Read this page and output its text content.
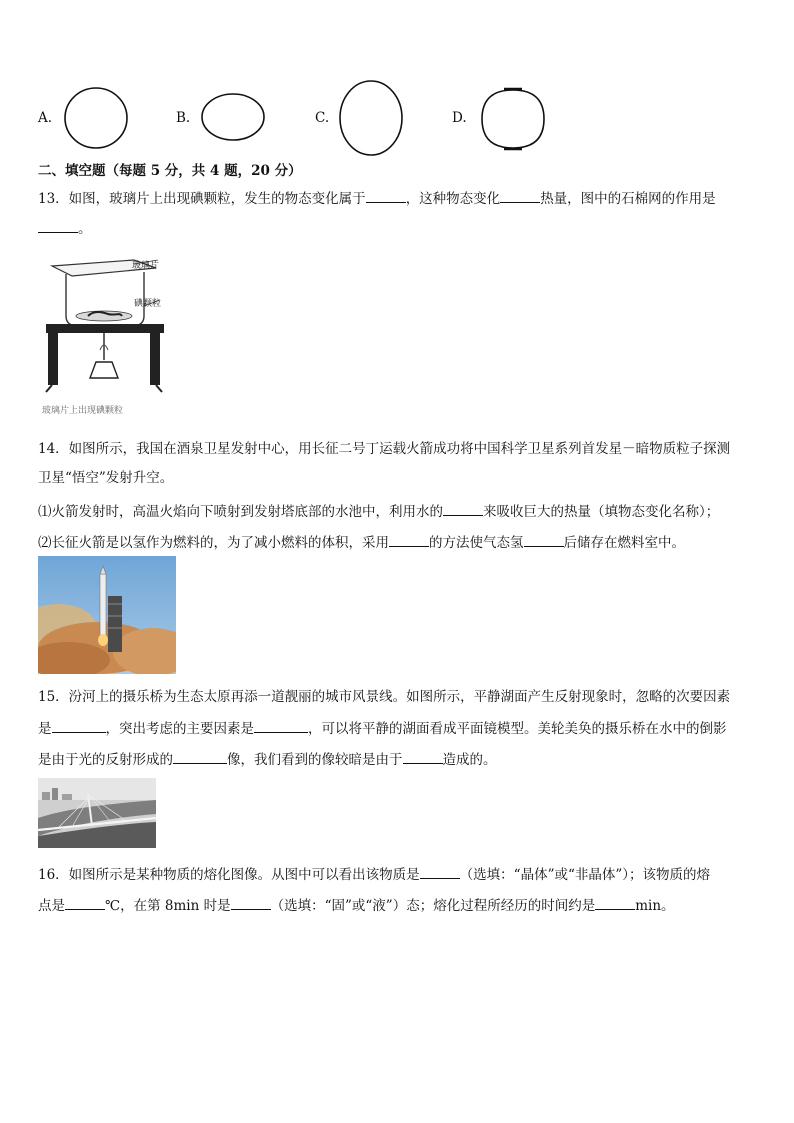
A.	B.	C.	D.
二、填空题（每题 5 分，共 4 题，20 分）
13．如图，玻璃片上出现碘颗粒，发生的物态变化属于	，这种物态变化	热量，图中的石棉网的作用是
。
玻璃片
碘颗粒
玻璃片上出现碘颗粒
14．如图所示，我国在酒泉卫星发射中心，用长征二号丁运载火箭成功将中国科学卫星系列首发星－暗物质粒子探测
卫星“悟空”发射升空。
⑴火箭发射时，高温火焰向下喷射到发射塔底部的水池中，利用水的	来吸收巨大的热量（填物态变化名称）；
⑵长征火箭是以氢作为燃料的，为了减小燃料的体积，采用	的方法使气态氢	后储存在燃料室中。
15．汾河上的摄乐桥为生态太原再添一道靓丽的城市风景线。如图所示，平静湖面产生反射现象时，忽略的次要因素
是	，突出考虑的主要因素是	，可以将平静的湖面看成平面镜模型。美轮美奂的摄乐桥在水中的倒影
是由于光的反射形成的	像，我们看到的像较暗是由于	造成的。
16．如图所示是某种物质的熔化图像。从图中可以看出该物质是	（选填：“晶体”或“非晶体”）；该物质的熔
点是	℃，在第 8min 时是	（选填：“固”或“液”）态；熔化过程所经历的时间约是	min。
